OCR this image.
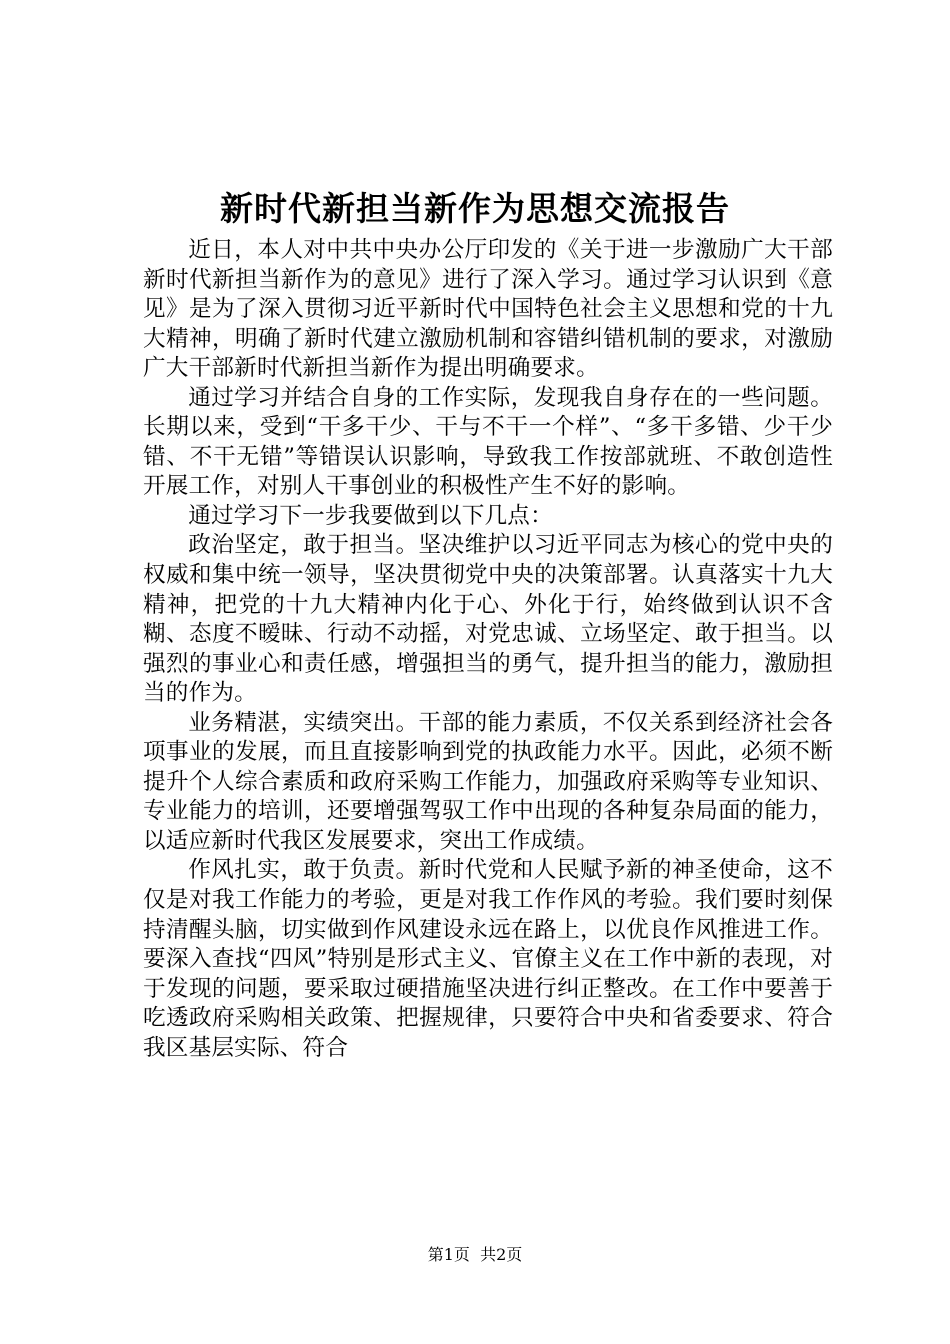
新时代新担当新作为思想交流报告

近日，本人对中共中央办公厅印发的《关于进一步激励广大干部新时代新担当新作为的意见》进行了深入学习。通过学习认识到《意见》是为了深入贯彻习近平新时代中国特色社会主义思想和党的十九大精神，明确了新时代建立激励机制和容错纠错机制的要求，对激励广大干部新时代新担当新作为提出明确要求。

通过学习并结合自身的工作实际，发现我自身存在的一些问题。长期以来，受到“干多干少、干与不干一个样”、“多干多错、少干少错、不干无错”等错误认识影响，导致我工作按部就班、不敢创造性开展工作，对别人干事创业的积极性产生不好的影响。

通过学习下一步我要做到以下几点：

政治坚定，敢于担当。坚决维护以习近平同志为核心的党中央的权威和集中统一领导，坚决贯彻党中央的决策部署。认真落实十九大精神，把党的十九大精神内化于心、外化于行，始终做到认识不含糊、态度不暧昧、行动不动摇，对党忠诚、立场坚定、敢于担当。以强烈的事业心和责任感，增强担当的勇气，提升担当的能力，激励担当的作为。

业务精湛，实绩突出。干部的能力素质，不仅关系到经济社会各项事业的发展，而且直接影响到党的执政能力水平。因此，必须不断提升个人综合素质和政府采购工作能力，加强政府采购等专业知识、专业能力的培训，还要增强驾驭工作中出现的各种复杂局面的能力，以适应新时代我区发展要求，突出工作成绩。

作风扎实，敢于负责。新时代党和人民赋予新的神圣使命，这不仅是对我工作能力的考验，更是对我工作作风的考验。我们要时刻保持清醒头脑，切实做到作风建设永远在路上，以优良作风推进工作。要深入查找“四风”特别是形式主义、官僚主义在工作中新的表现，对于发现的问题，要采取过硬措施坚决进行纠正整改。在工作中要善于吃透政府采购相关政策、把握规律，只要符合中央和省委要求、符合我区基层实际、符合

第1页 共2页
